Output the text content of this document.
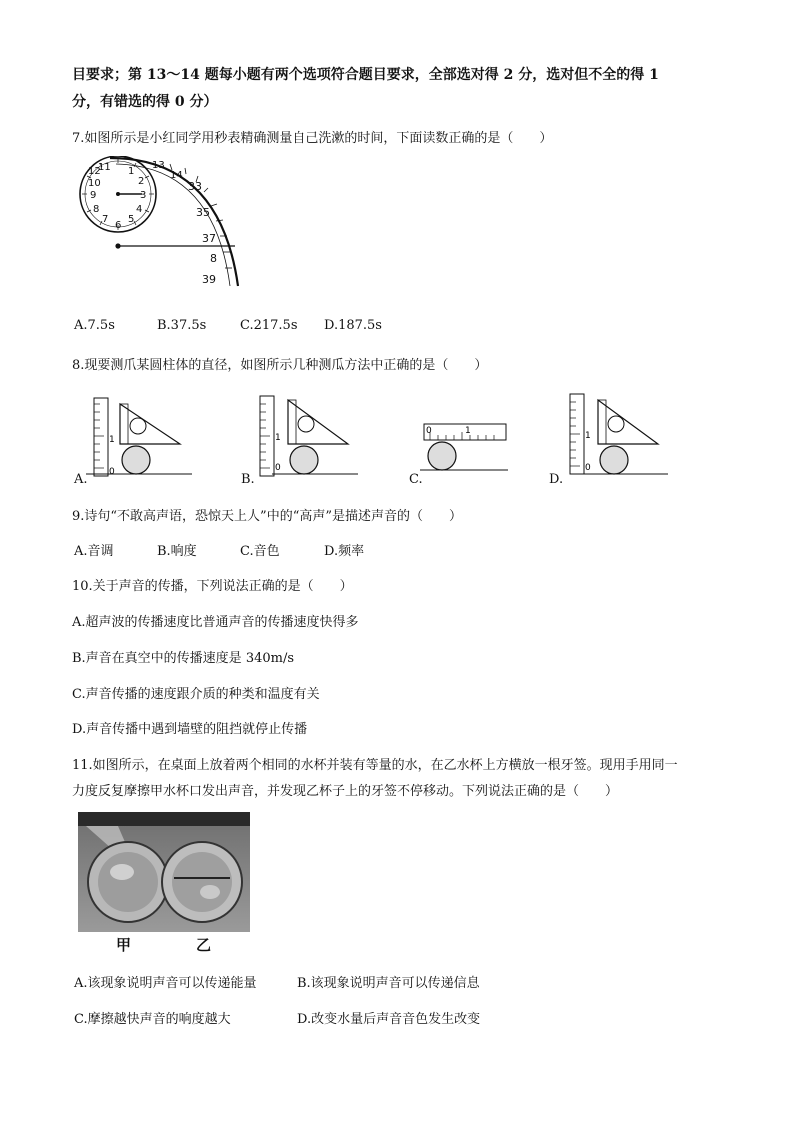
目要求；第 13～14 题每小题有两个选项符合题目要求，全部选对得 2 分，选对但不全的得 1
分，有错选的得 0 分）
7.如图所示是小红同学用秒表精确测量自己洗漱的时间，下面读数正确的是（　　）
12	1
2
3
4
5
6
7
8
9
10
11	13
14
33
35
37
8
39
A.7.5s	B.37.5s	C.217.5s D.187.5s
8.现要测爪某圆柱体的直径，如图所示几种测瓜方法中正确的是（　　）
1
0
A.
1
0
B.
0	1
C.
1
0
D.
9.诗句“不敢高声语，恐惊天上人”中的“高声”是描述声音的（　　）
A.音调	B.响度	C.音色	D.频率
10.关于声音的传播，下列说法正确的是（　　）
A.超声波的传播速度比普通声音的传播速度快得多
B.声音在真空中的传播速度是 340m/s
C.声音传播的速度跟介质的种类和温度有关
D.声音传播中遇到墙壁的阻挡就停止传播
11.如图所示，在桌面上放着两个相同的水杯并装有等量的水，在乙水杯上方横放一根牙签。现用手用同一
力度反复摩擦甲水杯口发出声音，并发现乙杯子上的牙签不停移动。下列说法正确的是（　　）
甲	乙
A.该现象说明声音可以传递能量	B.该现象说明声音可以传递信息
C.摩擦越快声音的响度越大	D.改变水量后声音音色发生改变
